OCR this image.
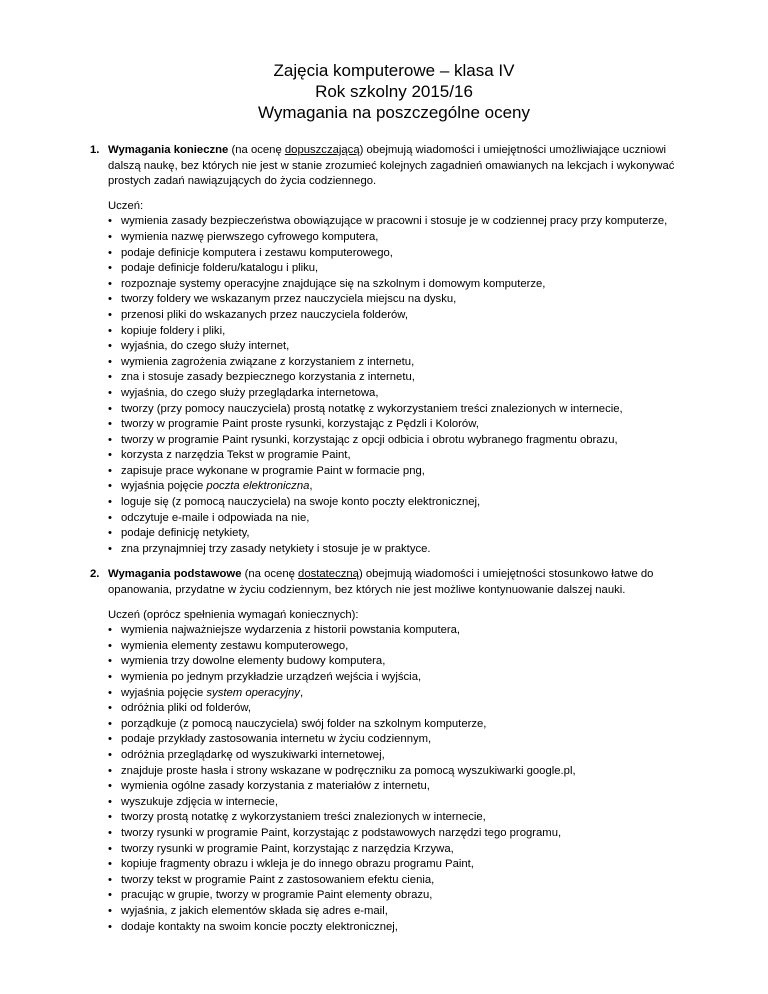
Zajęcia komputerowe – klasa IV
Rok szkolny 2015/16
Wymagania na poszczególne oceny
1. Wymagania konieczne (na ocenę dopuszczającą) obejmują wiadomości i umiejętności umożliwiające uczniowi dalszą naukę, bez których nie jest w stanie zrozumieć kolejnych zagadnień omawianych na lekcjach i wykonywać prostych zadań nawiązujących do życia codziennego.
Uczeń:
• wymienia zasady bezpieczeństwa obowiązujące w pracowni i stosuje je w codziennej pracy przy komputerze,
• wymienia nazwę pierwszego cyfrowego komputera,
• podaje definicje komputera i zestawu komputerowego,
• podaje definicje folderu/katalogu i pliku,
• rozpoznaje systemy operacyjne znajdujące się na szkolnym i domowym komputerze,
• tworzy foldery we wskazanym przez nauczyciela miejscu na dysku,
• przenosi pliki do wskazanych przez nauczyciela folderów,
• kopiuje foldery i pliki,
• wyjaśnia, do czego służy internet,
• wymienia zagrożenia związane z korzystaniem z internetu,
• zna i stosuje zasady bezpiecznego korzystania z internetu,
• wyjaśnia, do czego służy przeglądarka internetowa,
• tworzy (przy pomocy nauczyciela) prostą notatkę z wykorzystaniem treści znalezionych w internecie,
• tworzy w programie Paint proste rysunki, korzystając z Pędzli i Kolorów,
• tworzy w programie Paint rysunki, korzystając z opcji odbicia i obrotu wybranego fragmentu obrazu,
• korzysta z narzędzia Tekst w programie Paint,
• zapisuje prace wykonane w programie Paint w formacie png,
• wyjaśnia pojęcie poczta elektroniczna,
• loguje się (z pomocą nauczyciela) na swoje konto poczty elektronicznej,
• odczytuje e-maile i odpowiada na nie,
• podaje definicję netykiety,
• zna przynajmniej trzy zasady netykiety i stosuje je w praktyce.
2. Wymagania podstawowe (na ocenę dostateczną) obejmują wiadomości i umiejętności stosunkowo łatwe do opanowania, przydatne w życiu codziennym, bez których nie jest możliwe kontynuowanie dalszej nauki.
Uczeń (oprócz spełnienia wymagań koniecznych):
• wymienia najważniejsze wydarzenia z historii powstania komputera,
• wymienia elementy zestawu komputerowego,
• wymienia trzy dowolne elementy budowy komputera,
• wymienia po jednym przykładzie urządzeń wejścia i wyjścia,
• wyjaśnia pojęcie system operacyjny,
• odróżnia pliki od folderów,
• porządkuje (z pomocą nauczyciela) swój folder na szkolnym komputerze,
• podaje przykłady zastosowania internetu w życiu codziennym,
• odróżnia przeglądarkę od wyszukiwarki internetowej,
• znajduje proste hasła i strony wskazane w podręczniku za pomocą wyszukiwarki google.pl,
• wymienia ogólne zasady korzystania z materiałów z internetu,
• wyszukuje zdjęcia w internecie,
• tworzy prostą notatkę z wykorzystaniem treści znalezionych w internecie,
• tworzy rysunki w programie Paint, korzystając z podstawowych narzędzi tego programu,
• tworzy rysunki w programie Paint, korzystając z narzędzia Krzywa,
• kopiuje fragmenty obrazu i wkleja je do innego obrazu programu Paint,
• tworzy tekst w programie Paint z zastosowaniem efektu cienia,
• pracując w grupie, tworzy w programie Paint elementy obrazu,
• wyjaśnia, z jakich elementów składa się adres e-mail,
• dodaje kontakty na swoim koncie poczty elektronicznej,
